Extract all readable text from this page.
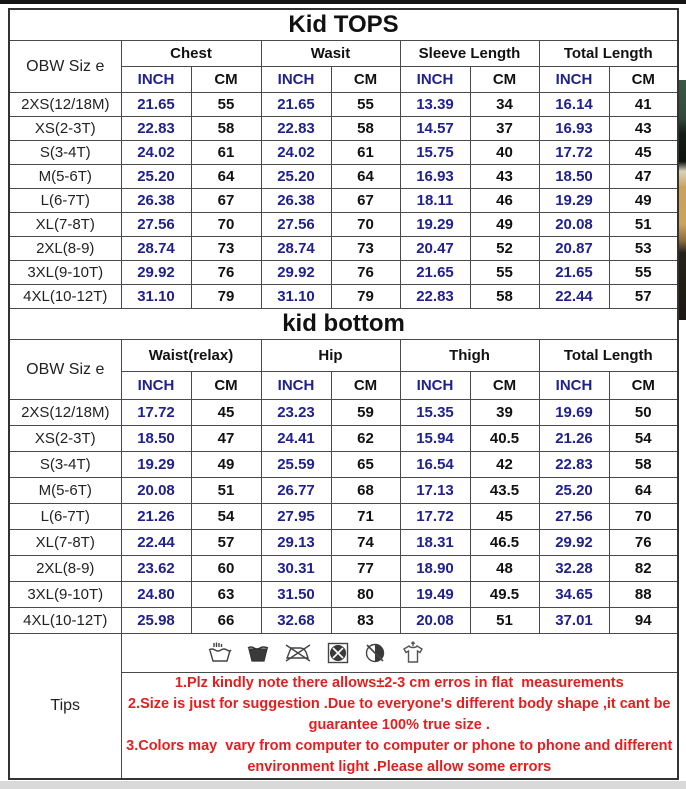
Kid TOPS								
OBW Siz e	Chest		Wasit		Sleeve Length		Total Length	
	INCH	CM	INCH	CM	INCH	CM	INCH	CM
2XS(12/18M)	21.65	55	21.65	55	13.39	34	16.14	41
XS(2-3T)	22.83	58	22.83	58	14.57	37	16.93	43
S(3-4T)	24.02	61	24.02	61	15.75	40	17.72	45
M(5-6T)	25.20	64	25.20	64	16.93	43	18.50	47
L(6-7T)	26.38	67	26.38	67	18.11	46	19.29	49
XL(7-8T)	27.56	70	27.56	70	19.29	49	20.08	51
2XL(8-9)	28.74	73	28.74	73	20.47	52	20.87	53
3XL(9-10T)	29.92	76	29.92	76	21.65	55	21.65	55
4XL(10-12T)	31.10	79	31.10	79	22.83	58	22.44	57
kid bottom								
OBW Siz e	Waist(relax)		Hip		Thigh		Total Length	
	INCH	CM	INCH	CM	INCH	CM	INCH	CM
2XS(12/18M)	17.72	45	23.23	59	15.35	39	19.69	50
XS(2-3T)	18.50	47	24.41	62	15.94	40.5	21.26	54
S(3-4T)	19.29	49	25.59	65	16.54	42	22.83	58
M(5-6T)	20.08	51	26.77	68	17.13	43.5	25.20	64
L(6-7T)	21.26	54	27.95	71	17.72	45	27.56	70
XL(7-8T)	22.44	57	29.13	74	18.31	46.5	29.92	76
2XL(8-9)	23.62	60	30.31	77	18.90	48	32.28	82
3XL(9-10T)	24.80	63	31.50	80	19.49	49.5	34.65	88
4XL(10-12T)	25.98	66	32.68	83	20.08	51	37.01	94
Tips	

	1.Plz kindly note there allows±2-3 cm erros in flat  measurements
2.Size is just for suggestion .Due to everyone's different body shape ,it cant be guarantee 100% true size .
3.Colors may  vary from computer to computer or phone to phone and different environment light .Please allow some errors							
